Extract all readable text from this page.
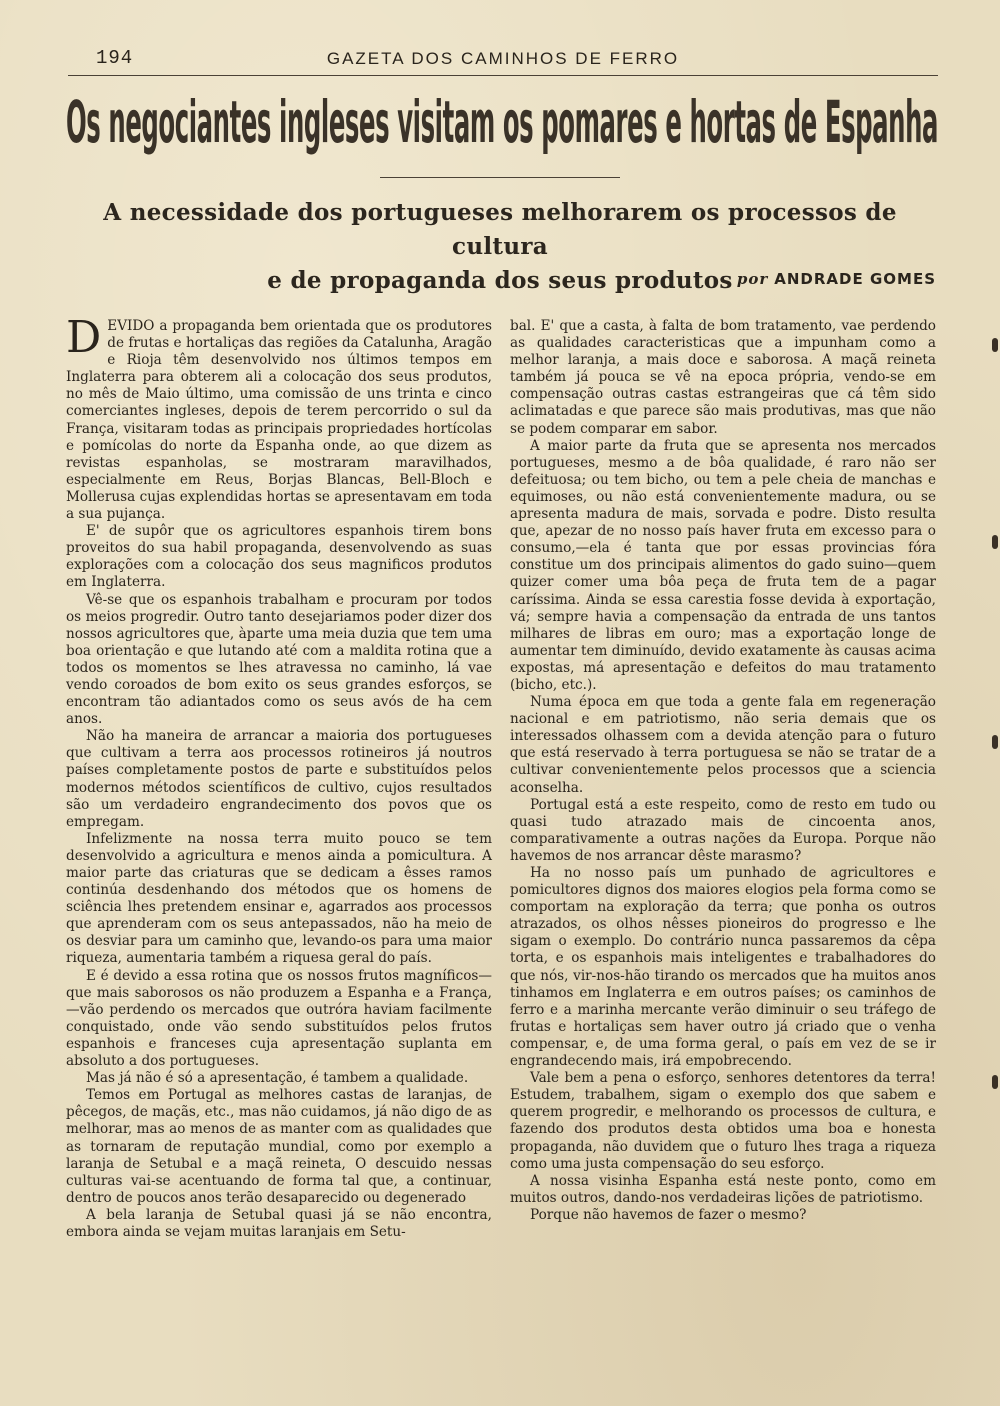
194	GAZETA DOS CAMINHOS DE FERRO
Os negociantes ingleses visitam os pomares e hortas de Espanha
A necessidade dos portugueses melhorarem os processos de cultura
e de propaganda dos seus produtos por ANDRADE GOMES

DEVIDO a propaganda bem orientada que os produtores de frutas e hortaliças das regiões da Catalunha, Aragão e Rioja têm desenvolvido nos últimos tempos em Inglaterra para obterem ali a colocação dos seus produtos, no mês de Maio último, uma comissão de uns trinta e cinco comerciantes ingleses, depois de terem percorrido o sul da França, visitaram todas as principais propriedades hortícolas e pomícolas do norte da Espanha onde, ao que dizem as revistas espanholas, se mostraram maravilhados, especialmente em Reus, Borjas Blancas, Bell-Bloch e Mollerusa cujas explendidas hortas se apresentavam em toda a sua pujança.

E' de supôr que os agricultores espanhois tirem bons proveitos do sua habil propaganda, desenvolvendo as suas explorações com a colocação dos seus magnificos produtos em Inglaterra.

Vê-se que os espanhois trabalham e procuram por todos os meios progredir. Outro tanto desejariamos poder dizer dos nossos agricultores que, àparte uma meia duzia que tem uma boa orientação e que lutando até com a maldita rotina que a todos os momentos se lhes atravessa no caminho, lá vae vendo coroados de bom exito os seus grandes esforços, se encontram tão adiantados como os seus avós de ha cem anos.

Não ha maneira de arrancar a maioria dos portugueses que cultivam a terra aos processos rotineiros já noutros países completamente postos de parte e substituídos pelos modernos métodos scientíficos de cultivo, cujos resultados são um verdadeiro engrandecimento dos povos que os empregam.

Infelizmente na nossa terra muito pouco se tem desenvolvido a agricultura e menos ainda a pomicultura. A maior parte das criaturas que se dedicam a êsses ramos continúa desdenhando dos métodos que os homens de sciência lhes pretendem ensinar e, agarrados aos processos que aprenderam com os seus antepassados, não ha meio de os desviar para um caminho que, levando-os para uma maior riqueza, aumentaria também a riquesa geral do país.

E é devido a essa rotina que os nossos frutos magníficos—que mais saborosos os não produzem a Espanha e a França,—vão perdendo os mercados que outróra haviam facilmente conquistado, onde vão sendo substituídos pelos frutos espanhois e franceses cuja apresentação suplanta em absoluto a dos portugueses.

Mas já não é só a apresentação, é tambem a qualidade.

Temos em Portugal as melhores castas de laranjas, de pêcegos, de maçãs, etc., mas não cuidamos, já não digo de as melhorar, mas ao menos de as manter com as qualidades que as tornaram de reputação mundial, como por exemplo a laranja de Setubal e a maçã reineta, O descuido nessas culturas vai-se acentuando de forma tal que, a continuar, dentro de poucos anos terão desaparecido ou degenerado

A bela laranja de Setubal quasi já se não encontra, embora ainda se vejam muitas laranjais em Setu-

bal. E' que a casta, à falta de bom tratamento, vae perdendo as qualidades caracteristicas que a impunham como a melhor laranja, a mais doce e saborosa. A maçã reineta também já pouca se vê na epoca própria, vendo-se em compensação outras castas estrangeiras que cá têm sido aclimatadas e que parece são mais produtivas, mas que não se podem comparar em sabor.

A maior parte da fruta que se apresenta nos mercados portugueses, mesmo a de bôa qualidade, é raro não ser defeituosa; ou tem bicho, ou tem a pele cheia de manchas e equimoses, ou não está convenientemente madura, ou se apresenta madura de mais, sorvada e podre. Disto resulta que, apezar de no nosso país haver fruta em excesso para o consumo,—ela é tanta que por essas provincias fóra constitue um dos principais alimentos do gado suino—quem quizer comer uma bôa peça de fruta tem de a pagar caríssima. Ainda se essa carestia fosse devida à exportação, vá; sempre havia a compensação da entrada de uns tantos milhares de libras em ouro; mas a exportação longe de aumentar tem diminuído, devido exatamente às causas acima expostas, má apresentação e defeitos do mau tratamento (bicho, etc.).

Numa época em que toda a gente fala em regeneração nacional e em patriotismo, não seria demais que os interessados olhassem com a devida atenção para o futuro que está reservado à terra portuguesa se não se tratar de a cultivar convenientemente pelos processos que a sciencia aconselha.

Portugal está a este respeito, como de resto em tudo ou quasi tudo atrazado mais de cincoenta anos, comparativamente a outras nações da Europa. Porque não havemos de nos arrancar dêste marasmo?

Ha no nosso país um punhado de agricultores e pomicultores dignos dos maiores elogios pela forma como se comportam na exploração da terra; que ponha os outros atrazados, os olhos nêsses pioneiros do progresso e lhe sigam o exemplo. Do contrário nunca passaremos da cêpa torta, e os espanhois mais inteligentes e trabalhadores do que nós, vir-nos-hão tirando os mercados que ha muitos anos tinhamos em Inglaterra e em outros países; os caminhos de ferro e a marinha mercante verão diminuir o seu tráfego de frutas e hortaliças sem haver outro já criado que o venha compensar, e, de uma forma geral, o país em vez de se ir engrandecendo mais, irá empobrecendo.

Vale bem a pena o esforço, senhores detentores da terra! Estudem, trabalhem, sigam o exemplo dos que sabem e querem progredir, e melhorando os processos de cultura, e fazendo dos produtos desta obtidos uma boa e honesta propaganda, não duvidem que o futuro lhes traga a riqueza como uma justa compensação do seu esforço.

A nossa visinha Espanha está neste ponto, como em muitos outros, dando-nos verdadeiras lições de patriotismo.

Porque não havemos de fazer o mesmo?
